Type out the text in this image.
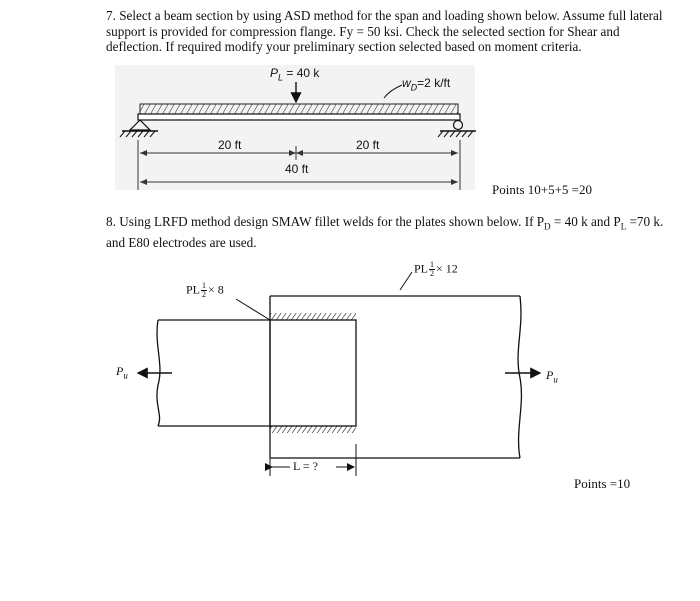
7. Select a beam section by using ASD method for the span and loading shown below. Assume full lateral support is provided for compression flange. Fy = 50 ksi. Check the selected section for Shear and deflection. If required modify your preliminary section selected based on moment criteria.
$P_L = 40$ k
$w_D=2$ k/ft
20 ft	20 ft
40 ft
Points 10+5+5 =20
8. Using LRFD method design SMAW fillet welds for the plates shown below. If $P_D = 40$ k and $P_L =70$ k. and E80 electrodes are used.
PL $\frac{1}{2} \times 8$
PL $\frac{1}{2} \times 12$
$P_u$	$P_u$
L = ?
Points =10
